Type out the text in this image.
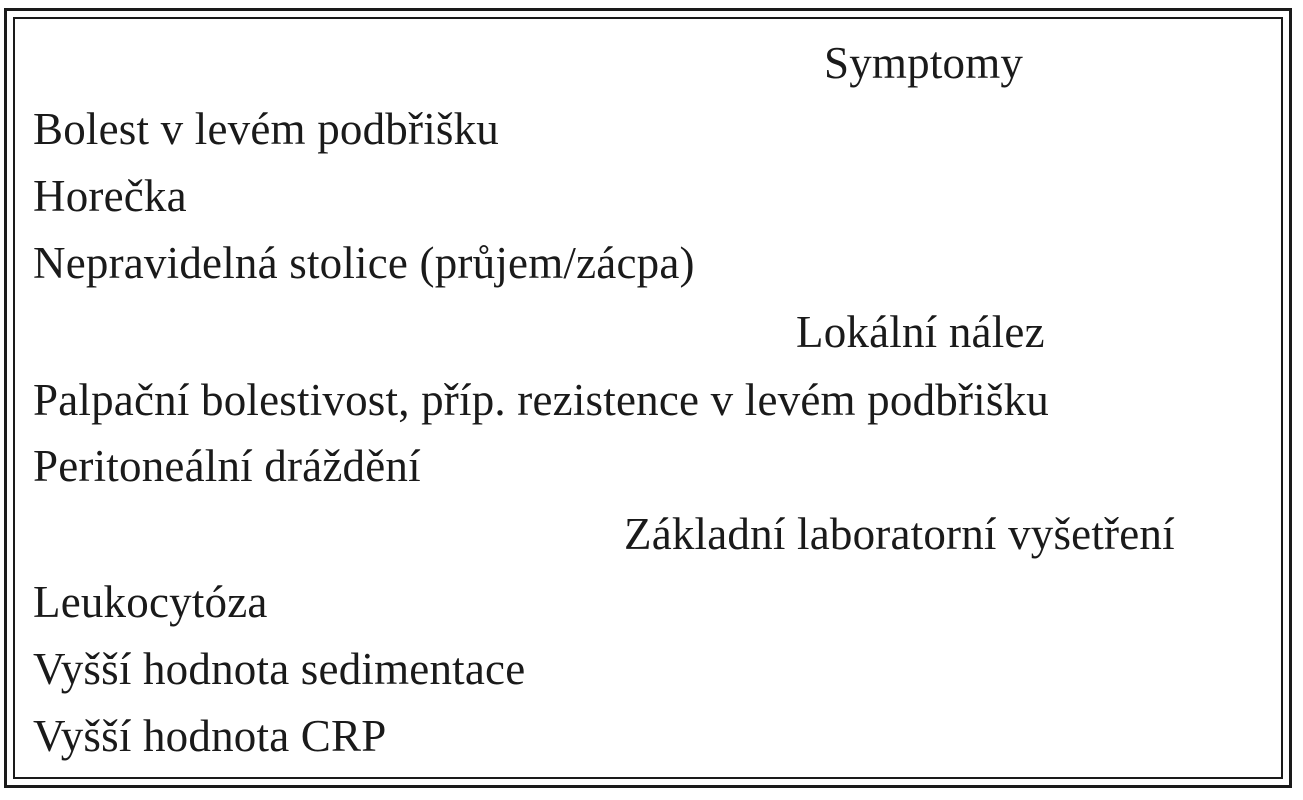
Symptomy
Bolest v levém podbřišku
Horečka
Nepravidelná stolice (průjem/zácpa)
Lokální nález
Palpační bolestivost, příp. rezistence v levém podbřišku
Peritoneální dráždění
Základní laboratorní vyšetření
Leukocytóza
Vyšší hodnota sedimentace
Vyšší hodnota CRP
